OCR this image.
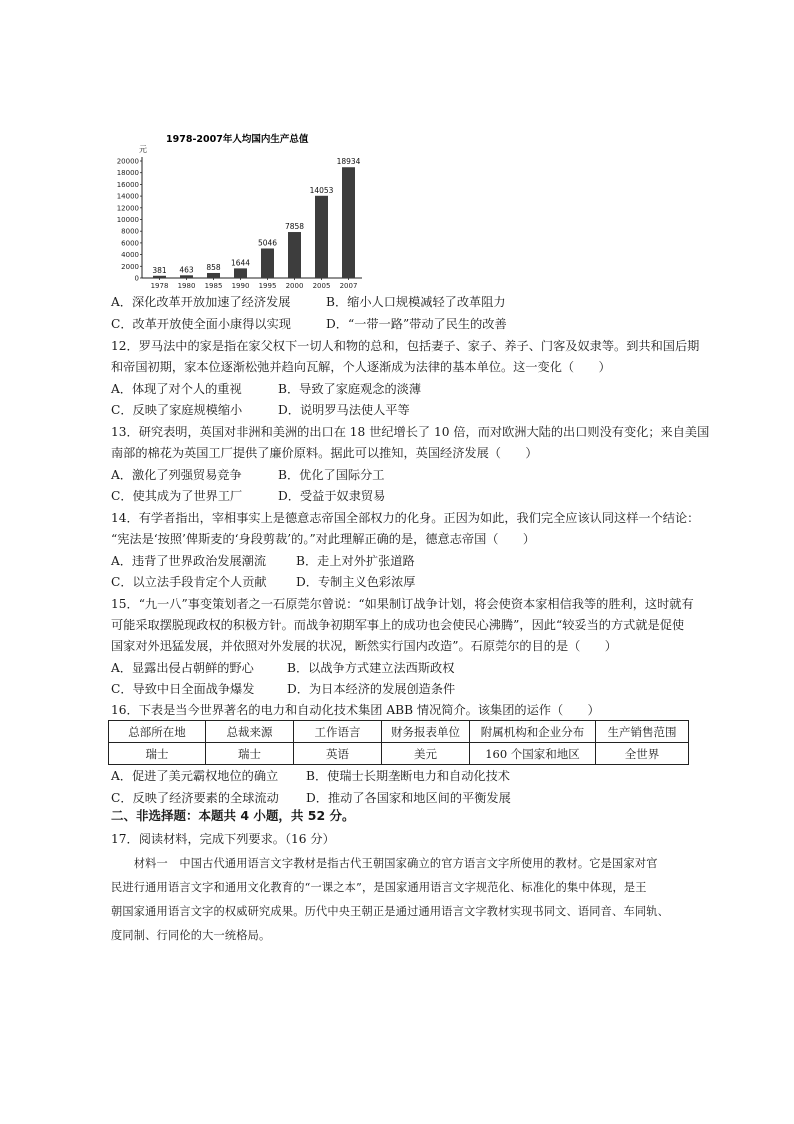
1978-2007年人均国内生产总值
元
20000
18000
16000
14000
12000
10000
8000
6000
4000
2000
0
1978 1980 1985 1990 1995 2000 2005 2007
381 463 858
1644
5046
7858
14053
18934
A．深化改革开放加速了经济发展	B．缩小人口规模减轻了改革阻力
C．改革开放使全面小康得以实现	D．“一带一路”带动了民生的改善
12．罗马法中的家是指在家父权下一切人和物的总和，包括妻子、家子、养子、门客及奴隶等。到共和国后期
和帝国初期，家本位逐渐松弛并趋向瓦解，个人逐渐成为法律的基本单位。这一变化（　　）
A．体现了对个人的重视	B．导致了家庭观念的淡薄
C．反映了家庭规模缩小	D．说明罗马法使人平等
13．研究表明，英国对非洲和美洲的出口在 18 世纪增长了 10 倍，而对欧洲大陆的出口则没有变化；来自美国
南部的棉花为英国工厂提供了廉价原料。据此可以推知，英国经济发展（　　）
A．激化了列强贸易竞争	B．优化了国际分工
C．使其成为了世界工厂	D．受益于奴隶贸易
14．有学者指出，宰相事实上是德意志帝国全部权力的化身。正因为如此，我们完全应该认同这样一个结论：
“宪法是‘按照’俾斯麦的‘身段剪裁’的。”对此理解正确的是，德意志帝国（　　）
A．违背了世界政治发展潮流 B．走上对外扩张道路
C．以立法手段肯定个人贡献 D．专制主义色彩浓厚
15．“九一八”事变策划者之一石原莞尔曾说：“如果制订战争计划，将会使资本家相信我等的胜利，这时就有
可能采取摆脱现政权的积极方针。而战争初期军事上的成功也会使民心沸腾”，因此“较妥当的方式就是促使
国家对外迅猛发展，并依照对外发展的状况，断然实行国内改造”。石原莞尔的目的是（　　）
A．显露出侵占朝鲜的野心	B．以战争方式建立法西斯政权
C．导致中日全面战争爆发	D．为日本经济的发展创造条件
16．下表是当今世界著名的电力和自动化技术集团 ABB 情况简介。该集团的运作（　　）
总部所在地	总裁来源	工作语言	财务报表单位	附属机构和企业分布	生产销售范围
瑞士	瑞士	英语	美元	160 个国家和地区	全世界
A．促进了美元霸权地位的确立 B．使瑞士长期垄断电力和自动化技术
C．反映了经济要素的全球流动 D．推动了各国家和地区间的平衡发展
二、非选择题：本题共 4 小题，共 52 分。
17．阅读材料，完成下列要求。（16 分）
　　材料一　中国古代通用语言文字教材是指古代王朝国家确立的官方语言文字所使用的教材。它是国家对官
民进行通用语言文字和通用文化教育的“一课之本”，是国家通用语言文字规范化、标准化的集中体现，是王
朝国家通用语言文字的权威研究成果。历代中央王朝正是通过通用语言文字教材实现书同文、语同音、车同轨、
度同制、行同伦的大一统格局。
